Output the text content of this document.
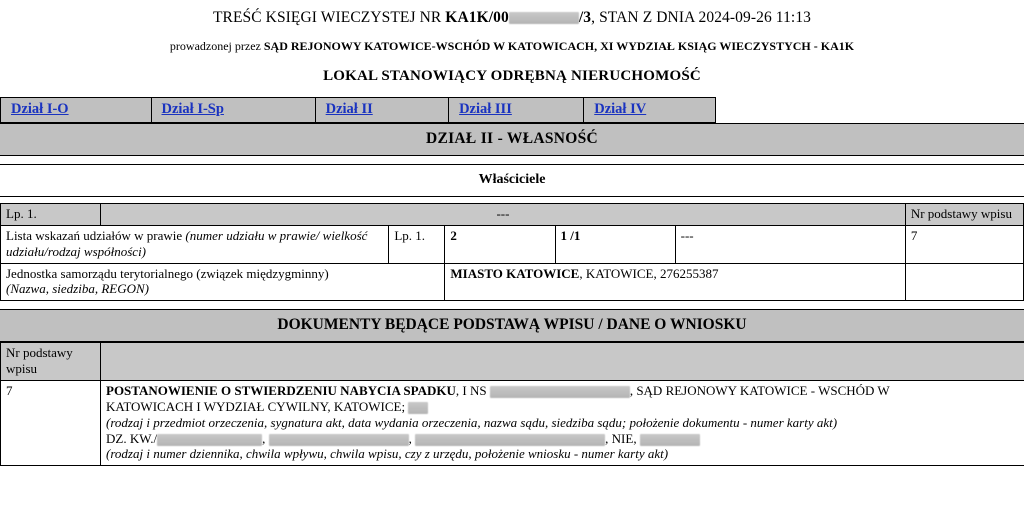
TREŚĆ KSIĘGI WIECZYSTEJ NR KA1K/00	/3, STAN Z DNIA 2024-09-26 11:13
prowadzonej przez SĄD REJONOWY KATOWICE-WSCHÓD W KATOWICACH, XI WYDZIAŁ KSIĄG WIECZYSTYCH - KA1K
LOKAL STANOWIĄCY ODRĘBNĄ NIERUCHOMOŚĆ
Dział I-O	Dział I-Sp	Dział II	Dział III	Dział IV
DZIAŁ II - WŁASNOŚĆ
Właściciele
Lp. 1.	---					Nr podstawy wpisu
Lista wskazań udziałów w prawie (numer udziału w prawie/ wielkość udziału/rodzaj współności)		Lp. 1.	2	1 /1	---	7
Jednostka samorządu terytorialnego (związek międzygminny)
(Nazwa, siedziba, REGON)			MIASTO KATOWICE, KATOWICE, 276255387			
DOKUMENTY BĘDĄCE PODSTAWĄ WPISU / DANE O WNIOSKU
Nr podstawy wpisu	
7	POSTANOWIENIE O STWIERDZENIU NABYCIA SPADKU, I NS , SĄD REJONOWY KATOWICE - WSCHÓD W
KATOWICACH I WYDZIAŁ CYWILNY, KATOWICE;
(rodzaj i przedmiot orzeczenia, sygnatura akt, data wydania orzeczenia, nazwa sądu, siedziba sądu; położenie dokumentu - numer karty akt)
DZ. KW./ , , , NIE,
(rodzaj i numer dziennika, chwila wpływu, chwila wpisu, czy z urzędu, położenie wniosku - numer karty akt)
